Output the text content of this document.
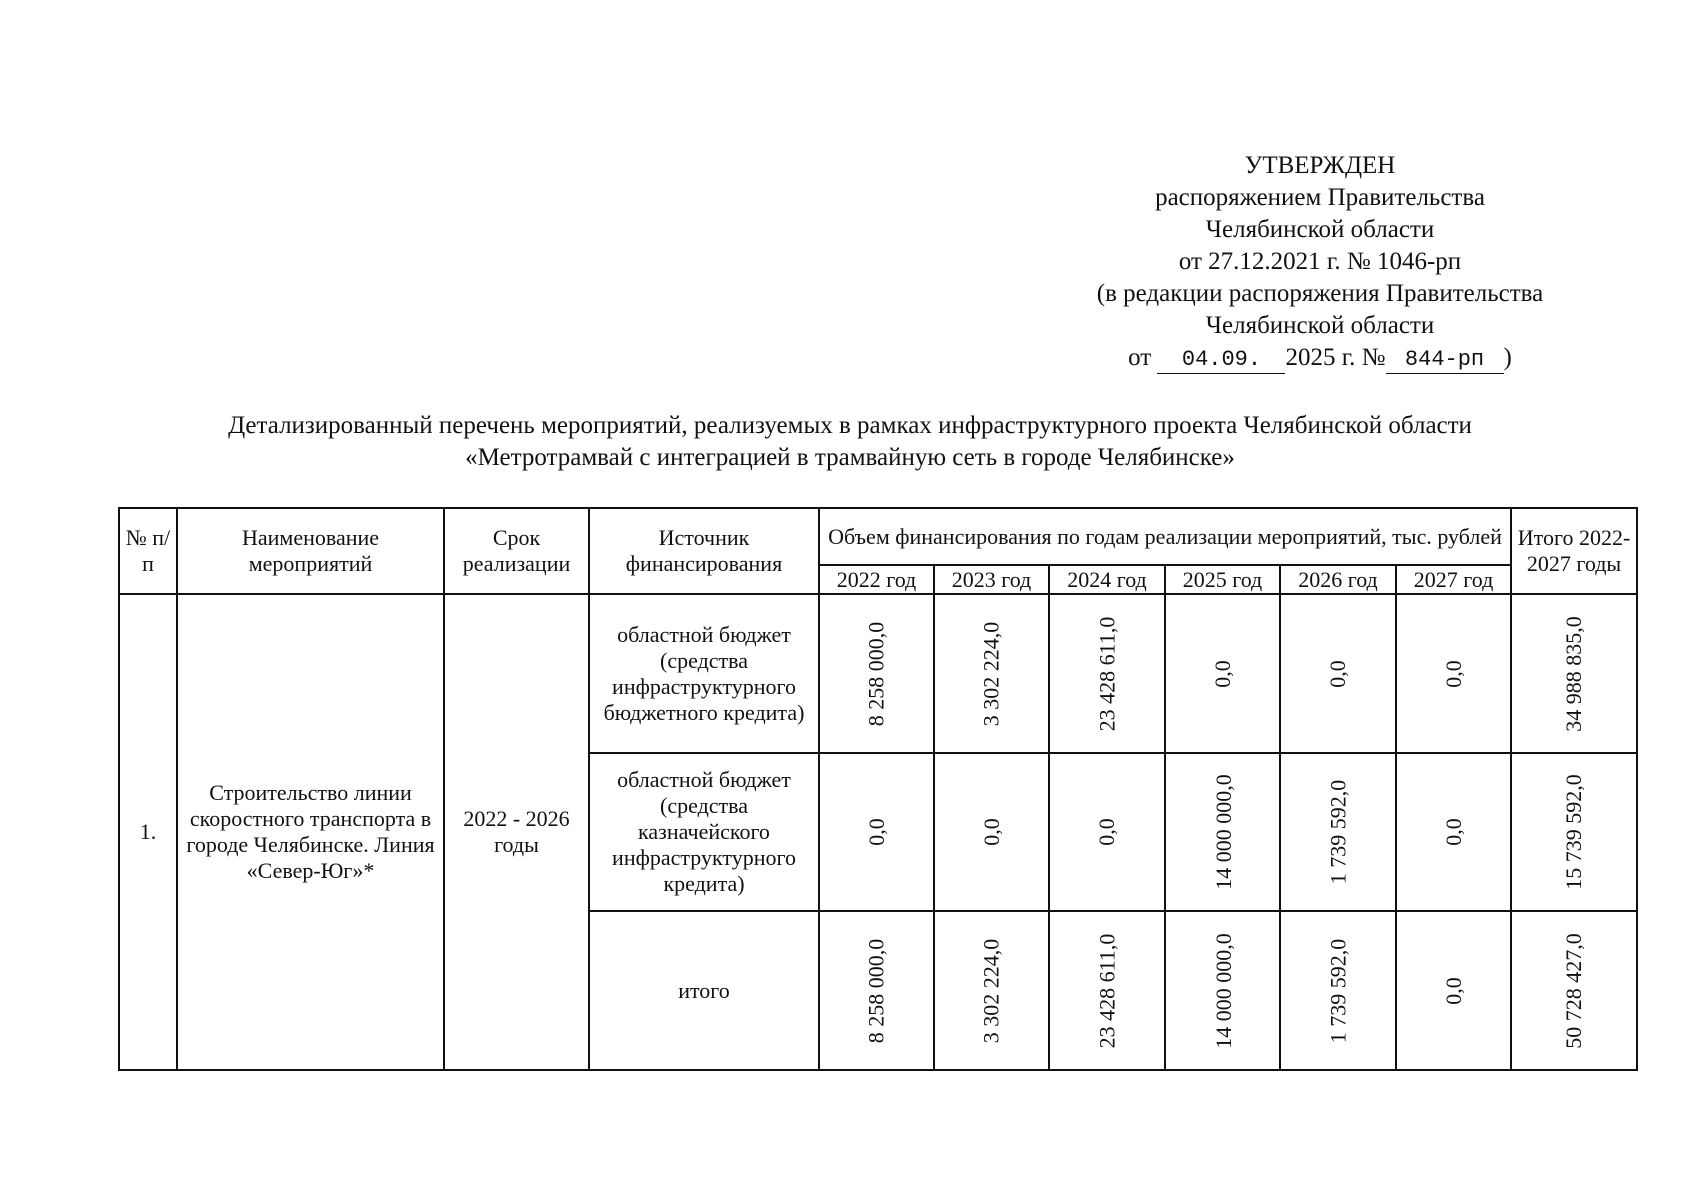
УТВЕРЖДЕН
распоряжением Правительства
Челябинской области
от 27.12.2021 г. № 1046-рп
(в редакции распоряжения Правительства
Челябинской области
от 04.09. 2025 г. № 844-рп )
Детализированный перечень мероприятий, реализуемых в рамках инфраструктурного проекта Челябинской области
«Метротрамвай с интеграцией в трамвайную сеть в городе Челябинске»
№ п/п	Наименование мероприятий	Срок реализации	Источник финансирования	Объем финансирования по годам реализации мероприятий, тыс. рублей						Итого 2022-2027 годы
				2022 год	2023 год	2024 год	2025 год	2026 год	2027 год	
1.	Строительство линии скоростного транспорта в городе Челябинске. Линия «Север-Юг»*	2022 - 2026 годы	областной бюджет (средства инфраструктурного бюджетного кредита)	8 258 000,0	3 302 224,0	23 428 611,0	0,0	0,0	0,0	34 988 835,0
			областной бюджет (средства казначейского инфраструктурного кредита)	0,0	0,0	0,0	14 000 000,0	1 739 592,0	0,0	15 739 592,0
			итого	8 258 000,0	3 302 224,0	23 428 611,0	14 000 000,0	1 739 592,0	0,0	50 728 427,0
